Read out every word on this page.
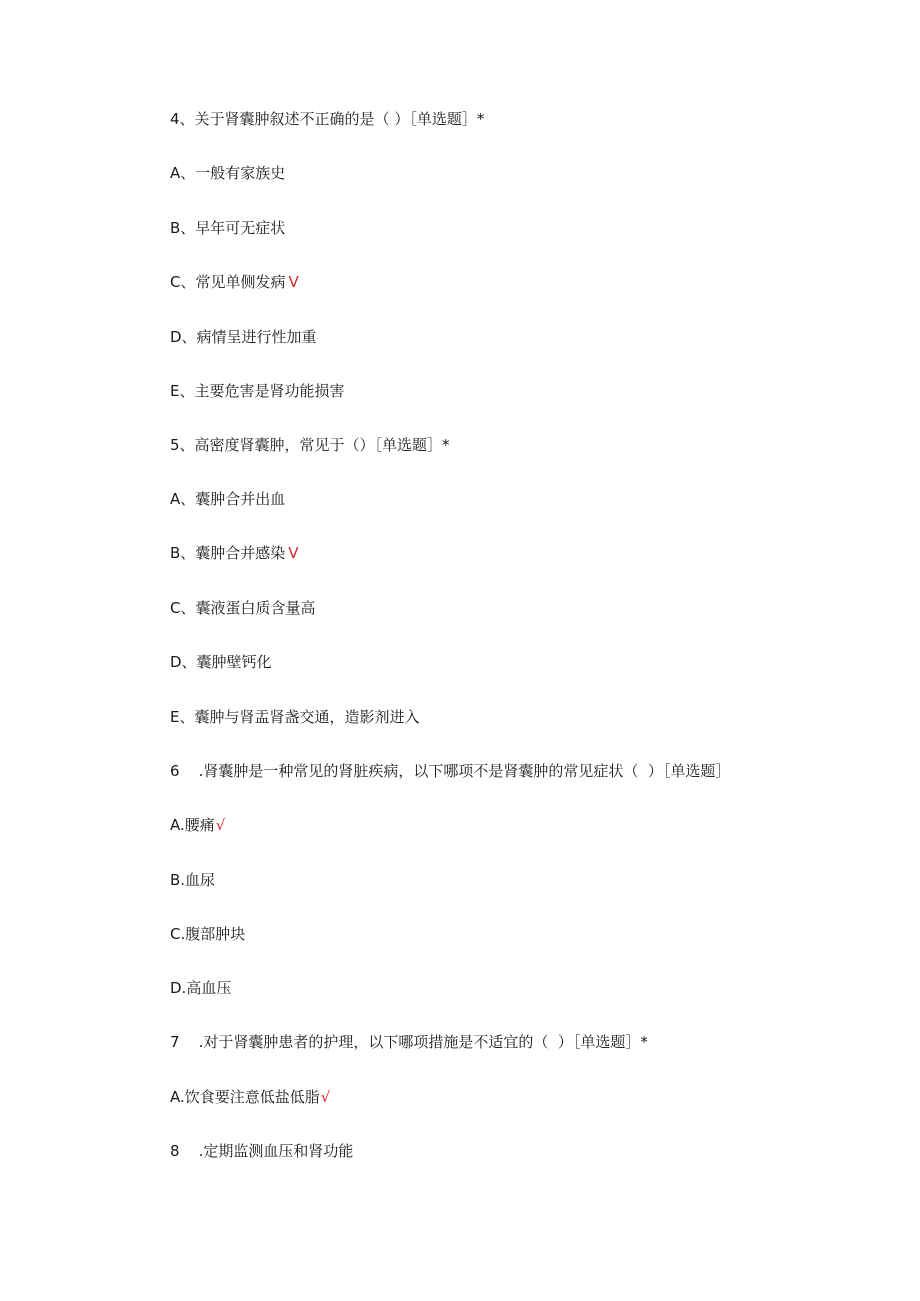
4、关于肾囊肿叙述不正确的是（ ）［单选题］*
A、一般有家族史
B、早年可无症状
C、常见单侧发病 V
D、病情呈进行性加重
E、主要危害是肾功能损害
5、高密度肾囊肿，常见于（）［单选题］*
A、囊肿合并出血
B、囊肿合并感染 V
C、囊液蛋白质含量高
D、囊肿壁钙化
E、囊肿与肾盂肾盏交通，造影剂进入
6    .肾囊肿是一种常见的肾脏疾病，以下哪项不是肾囊肿的常见症状（  ）［单选题］
A.腰痛√
B.血尿
C.腹部肿块
D.高血压
7    .对于肾囊肿患者的护理，以下哪项措施是不适宜的（  ）［单选题］*
A.饮食要注意低盐低脂√
8    .定期监测血压和肾功能
